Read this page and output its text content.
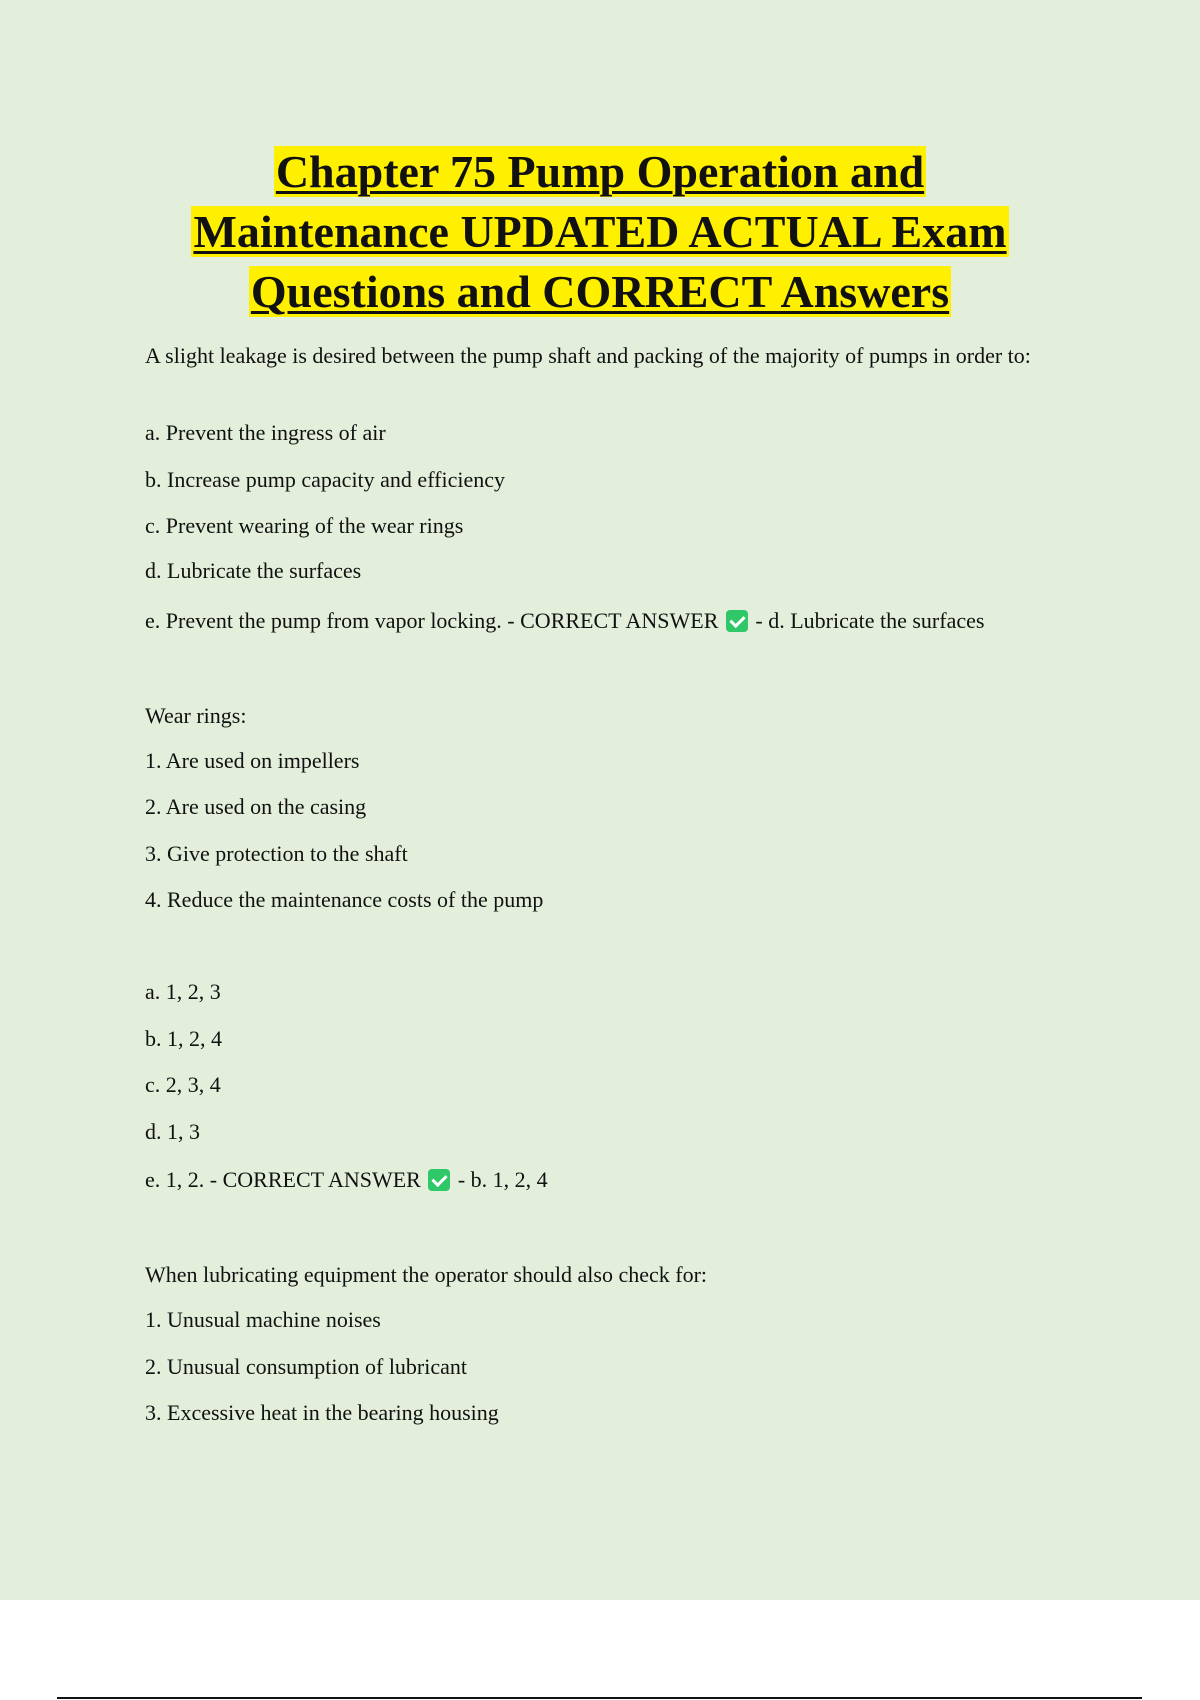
Chapter 75 Pump Operation and
Maintenance UPDATED ACTUAL Exam
Questions and CORRECT Answers
A slight leakage is desired between the pump shaft and packing of the majority of pumps in order to:
a. Prevent the ingress of air
b. Increase pump capacity and efficiency
c. Prevent wearing of the wear rings
d. Lubricate the surfaces
e. Prevent the pump from vapor locking. - CORRECT ANSWER - d. Lubricate the surfaces
Wear rings:
1. Are used on impellers
2. Are used on the casing
3. Give protection to the shaft
4. Reduce the maintenance costs of the pump
a. 1, 2, 3
b. 1, 2, 4
c. 2, 3, 4
d. 1, 3
e. 1, 2. - CORRECT ANSWER - b. 1, 2, 4
When lubricating equipment the operator should also check for:
1. Unusual machine noises
2. Unusual consumption of lubricant
3. Excessive heat in the bearing housing
